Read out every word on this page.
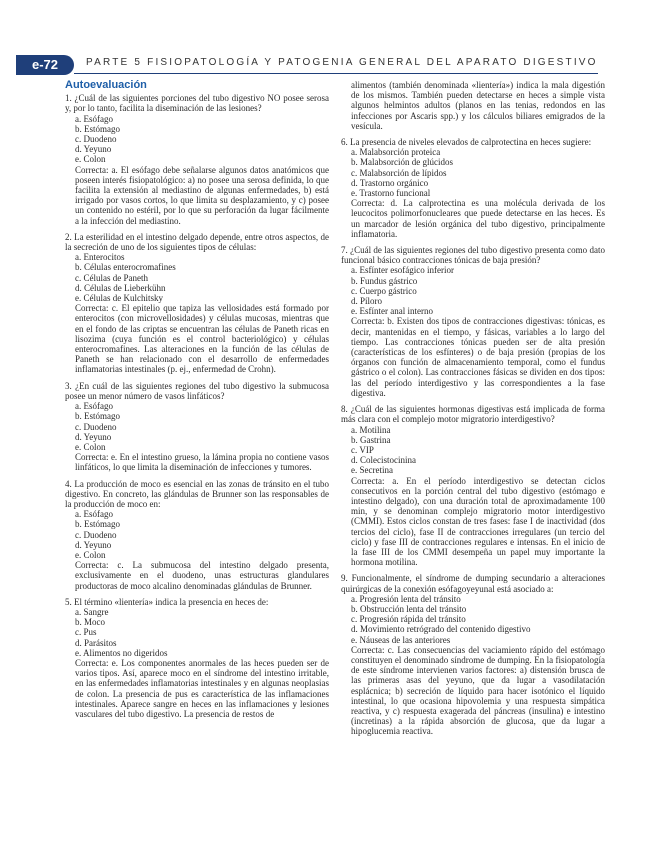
e-72	PARTE 5 FISIOPATOLOGÍA Y PATOGENIA GENERAL DEL APARATO DIGESTIVO
Autoevaluación
1. ¿Cuál de las siguientes porciones del tubo digestivo NO posee serosa y, por lo tanto, facilita la diseminación de las lesiones?
a. Esófago
b. Estómago
c. Duodeno
d. Yeyuno
e. Colon
Correcta: a. El esófago debe señalarse algunos datos anatómicos que poseen interés fisiopatológico: a) no posee una serosa definida, lo que facilita la extensión al mediastino de algunas enfermedades, b) está irrigado por vasos cortos, lo que limita su desplazamiento, y c) posee un contenido no estéril, por lo que su perforación da lugar fácilmente a la infección del mediastino.
2. La esterilidad en el intestino delgado depende, entre otros aspectos, de la secreción de uno de los siguientes tipos de células:
a. Enterocitos
b. Células enterocromafines
c. Células de Paneth
d. Células de Lieberkühn
e. Células de Kulchitsky
Correcta: c. El epitelio que tapiza las vellosidades está formado por enterocitos (con microvellosidades) y células mucosas, mientras que en el fondo de las criptas se encuentran las células de Paneth ricas en lisozima (cuya función es el control bacteriológico) y células enterocromafines. Las alteraciones en la función de las células de Paneth se han relacionado con el desarrollo de enfermedades inflamatorias intestinales (p. ej., enfermedad de Crohn).
3. ¿En cuál de las siguientes regiones del tubo digestivo la submucosa posee un menor número de vasos linfáticos?
a. Esófago
b. Estómago
c. Duodeno
d. Yeyuno
e. Colon
Correcta: e. En el intestino grueso, la lámina propia no contiene vasos linfáticos, lo que limita la diseminación de infecciones y tumores.
4. La producción de moco es esencial en las zonas de tránsito en el tubo digestivo. En concreto, las glándulas de Brunner son las responsables de la producción de moco en:
a. Esófago
b. Estómago
c. Duodeno
d. Yeyuno
e. Colon
Correcta: c. La submucosa del intestino delgado presenta, exclusivamente en el duodeno, unas estructuras glandulares productoras de moco alcalino denominadas glándulas de Brunner.
5. El término «lientería» indica la presencia en heces de:
a. Sangre
b. Moco
c. Pus
d. Parásitos
e. Alimentos no digeridos
Correcta: e. Los componentes anormales de las heces pueden ser de varios tipos. Así, aparece moco en el síndrome del intestino irritable, en las enfermedades inflamatorias intestinales y en algunas neoplasias de colon. La presencia de pus es característica de las inflamaciones intestinales. Aparece sangre en heces en las inflamaciones y lesiones vasculares del tubo digestivo. La presencia de restos de
alimentos (también denominada «lientería») indica la mala digestión de los mismos. También pueden detectarse en heces a simple vista algunos helmintos adultos (planos en las tenias, redondos en las infecciones por Ascaris spp.) y los cálculos biliares emigrados de la vesícula.
6. La presencia de niveles elevados de calprotectina en heces sugiere:
a. Malabsorción proteica
b. Malabsorción de glúcidos
c. Malabsorción de lípidos
d. Trastorno orgánico
e. Trastorno funcional
Correcta: d. La calprotectina es una molécula derivada de los leucocitos polimorfonucleares que puede detectarse en las heces. Es un marcador de lesión orgánica del tubo digestivo, principalmente inflamatoria.
7. ¿Cuál de las siguientes regiones del tubo digestivo presenta como dato funcional básico contracciones tónicas de baja presión?
a. Esfínter esofágico inferior
b. Fundus gástrico
c. Cuerpo gástrico
d. Píloro
e. Esfínter anal interno
Correcta: b. Existen dos tipos de contracciones digestivas: tónicas, es decir, mantenidas en el tiempo, y fásicas, variables a lo largo del tiempo. Las contracciones tónicas pueden ser de alta presión (características de los esfínteres) o de baja presión (propias de los órganos con función de almacenamiento temporal, como el fundus gástrico o el colon). Las contracciones fásicas se dividen en dos tipos: las del período interdigestivo y las correspondientes a la fase digestiva.
8. ¿Cuál de las siguientes hormonas digestivas está implicada de forma más clara con el complejo motor migratorio interdigestivo?
a. Motilina
b. Gastrina
c. VIP
d. Colecistocinina
e. Secretina
Correcta: a. En el período interdigestivo se detectan ciclos consecutivos en la porción central del tubo digestivo (estómago e intestino delgado), con una duración total de aproximadamente 100 min, y se denominan complejo migratorio motor interdigestivo (CMMI). Estos ciclos constan de tres fases: fase I de inactividad (dos tercios del ciclo), fase II de contracciones irregulares (un tercio del ciclo) y fase III de contracciones regulares e intensas. En el inicio de la fase III de los CMMI desempeña un papel muy importante la hormona motilina.
9. Funcionalmente, el síndrome de dumping secundario a alteraciones quirúrgicas de la conexión esófagoyeyunal está asociado a:
a. Progresión lenta del tránsito
b. Obstrucción lenta del tránsito
c. Progresión rápida del tránsito
d. Movimiento retrógrado del contenido digestivo
e. Náuseas de las anteriores
Correcta: c. Las consecuencias del vaciamiento rápido del estómago constituyen el denominado síndrome de dumping. En la fisiopatología de este síndrome intervienen varios factores: a) distensión brusca de las primeras asas del yeyuno, que da lugar a vasodilatación esplácnica; b) secreción de líquido para hacer isotónico el líquido intestinal, lo que ocasiona hipovolemia y una respuesta simpática reactiva, y c) respuesta exagerada del páncreas (insulina) e intestino (incretinas) a la rápida absorción de glucosa, que da lugar a hipoglucemia reactiva.
